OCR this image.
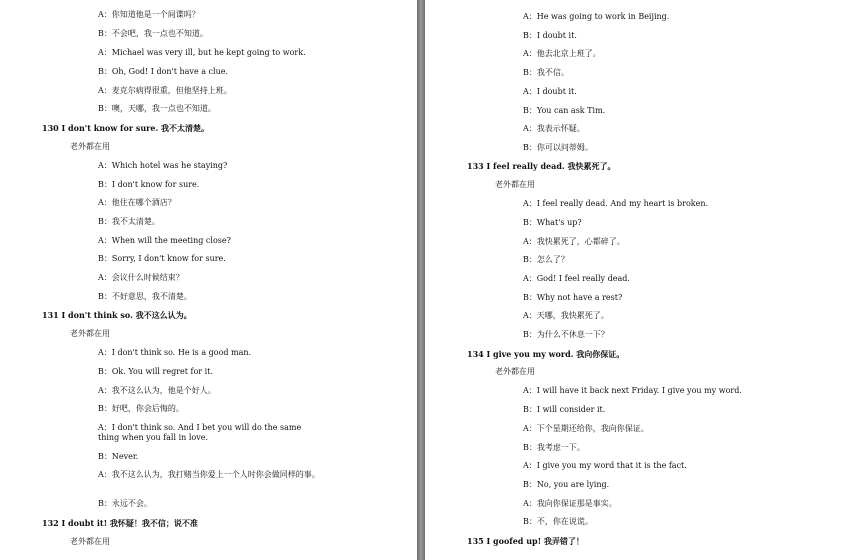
A：你知道他是一个间谍吗？
B：不会吧，我一点也不知道。
A：Michael was very ill, but he kept going to work.
B：Oh, God! I don't have a clue.
A：麦克尔病得很重，但他坚持上班。
B：噢，天哪，我一点也不知道。
130 I don't know for sure. 我不太清楚。
老外都在用
A：Which hotel was he staying?
B：I don't know for sure.
A：他住在哪个酒店？
B：我不太清楚。
A：When will the meeting close?
B：Sorry, I don't know for sure.
A：会议什么时候结束？
B：不好意思，我不清楚。
131 I don't think so. 我不这么认为。
老外都在用
A：I don't think so. He is a good man.
B：Ok. You will regret for it.
A：我不这么认为，他是个好人。
B：好吧，你会后悔的。
A：I don't think so. And I bet you will do the same thing when you fall in love.
B：Never.
A：我不这么认为，我打赌当你爱上一个人时你会做同样的事。
B：永远不会。
132 I doubt it! 我怀疑！我不信；说不准
老外都在用
A：He was going to work in Beijing.
B：I doubt it.
A：他去北京上班了。
B：我不信。
A：I doubt it.
B：You can ask Tim.
A：我表示怀疑。
B：你可以问蒂姆。
133 I feel really dead. 我快累死了。
老外都在用
A：I feel really dead. And my heart is broken.
B：What's up?
A：我快累死了，心都碎了。
B：怎么了？
A：God! I feel really dead.
B：Why not have a rest?
A：天哪，我快累死了。
B：为什么不休息一下？
134 I give you my word. 我向你保证。
老外都在用
A：I will have it back next Friday. I give you my word.
B：I will consider it.
A：下个星期还给你，我向你保证。
B：我考虑一下。
A：I give you my word that it is the fact.
B：No, you are lying.
A：我向你保证那是事实。
B：不，你在说谎。
135 I goofed up! 我弄错了！
